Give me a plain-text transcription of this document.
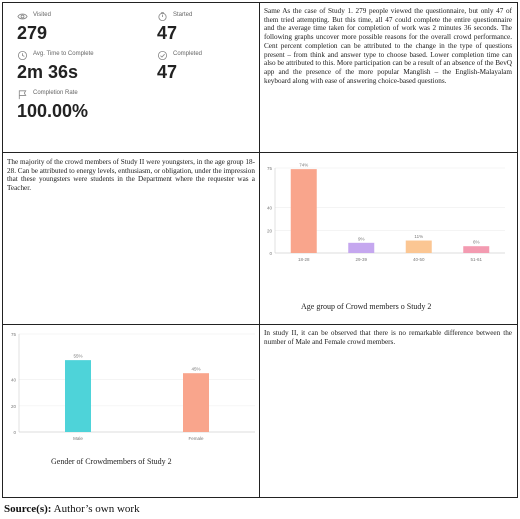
Visited
279
Started
47
Avg. Time to Complete
2m 36s
Completed
47
Completion Rate
100.00%
Same As the case of Study 1. 279 people viewed the questionnaire, but only 47 of them tried attempting. But this time, all 47 could complete the entire questionnaire and the average time taken for completion of work was 2 minutes 36 seconds. The following graphs uncover more possible reasons for the overall crowd performance. Cent percent completion can be attributed to the change in the type of questions present – from think and answer type to choose based. Lower completion time can also be attributed to this. More participation can be a result of an absence of the BevQ app and the presence of the more popular Manglish – the English-Malayalam keyboard along with ease of answering choice-based questions.
The majority of the crowd members of Study II were youngsters, in the age group 18-28. Can be attributed to energy levels, enthusiasm, or obligation, under the impression that these youngsters were students in the Department where the requester was a Teacher.
0
20
40
75
74%
18-28
9%
29-39
11%
40-50
6%
51-61
Age group of Crowd members o Study 2
0
20
40
75
55%
Male
45%
Female
Gender of Crowdmembers of Study 2
In study II, it can be observed that there is no remarkable difference between the number of Male and Female crowd members.
Source(s): Author’s own work
